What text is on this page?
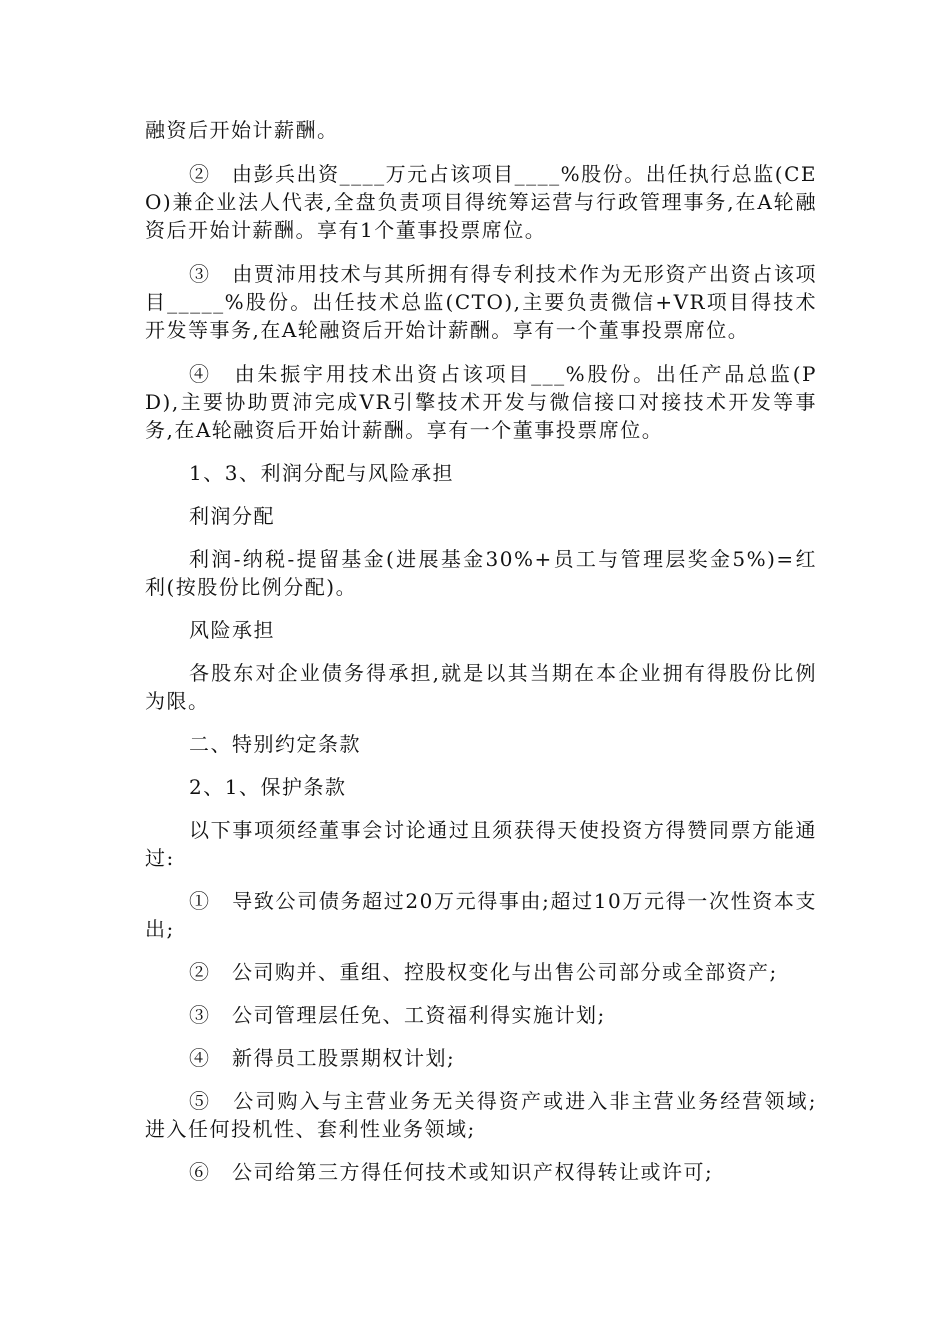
融资后开始计薪酬。

②　由彭兵出资____万元占该项目____%股份。出任执行总监(CEO)兼企业法人代表,全盘负责项目得统筹运营与行政管理事务,在A轮融资后开始计薪酬。享有1个董事投票席位。

③　由贾沛用技术与其所拥有得专利技术作为无形资产出资占该项目_____%股份。出任技术总监(CTO),主要负责微信+VR项目得技术开发等事务,在A轮融资后开始计薪酬。享有一个董事投票席位。

④　由朱振宇用技术出资占该项目___%股份。出任产品总监(PD),主要协助贾沛完成VR引擎技术开发与微信接口对接技术开发等事务,在A轮融资后开始计薪酬。享有一个董事投票席位。

1、3、利润分配与风险承担

利润分配

利润-纳税-提留基金(进展基金30%+员工与管理层奖金5%)=红利(按股份比例分配)。

风险承担

各股东对企业债务得承担,就是以其当期在本企业拥有得股份比例为限。

二、特别约定条款

2、1、保护条款

以下事项须经董事会讨论通过且须获得天使投资方得赞同票方能通过:

①　导致公司债务超过20万元得事由;超过10万元得一次性资本支出;

②　公司购并、重组、控股权变化与出售公司部分或全部资产;

③　公司管理层任免、工资福利得实施计划;

④　新得员工股票期权计划;

⑤　公司购入与主营业务无关得资产或进入非主营业务经营领域;进入任何投机性、套利性业务领域;

⑥　公司给第三方得任何技术或知识产权得转让或许可;
